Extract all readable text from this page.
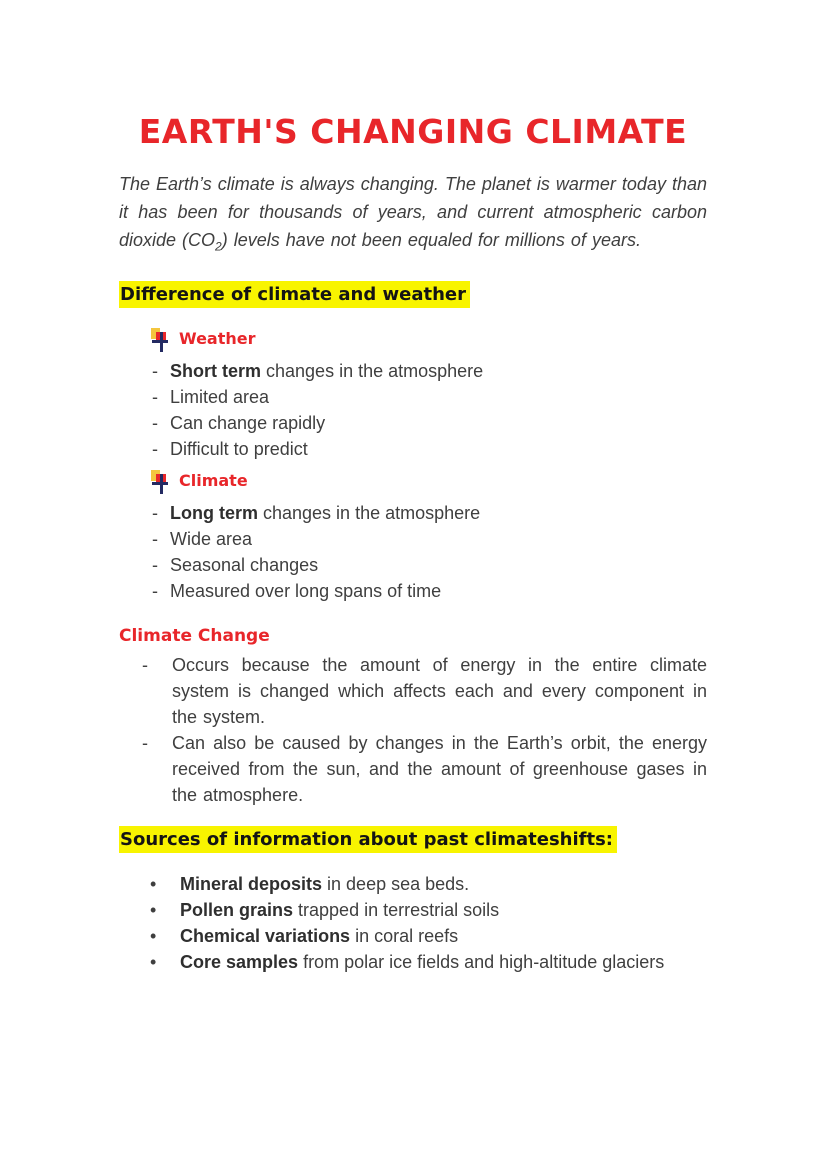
EARTH'S CHANGING CLIMATE

The Earth’s climate is always changing. The planet is warmer today than it has been for thousands of years, and current atmospheric carbon dioxide $(CO_2)$ levels have not been equaled for millions of years.

Difference of climate and weather
Weather
- Short term changes in the atmosphere
- Limited area
- Can change rapidly
- Difficult to predict
Climate
- Long term changes in the atmosphere
- Wide area
- Seasonal changes
- Measured over long spans of time
Climate Change
-	Occurs because the amount of energy in the entire climate system is changed which affects each and every component in the system.
-	Can also be caused by changes in the Earth’s orbit, the energy received from the sun, and the amount of greenhouse gases in the atmosphere.
Sources of information about past climateshifts:
•	Mineral deposits in deep sea beds.
•	Pollen grains trapped in terrestrial soils
•	Chemical variations in coral reefs
•	Core samples from polar ice fields and high-altitude glaciers
